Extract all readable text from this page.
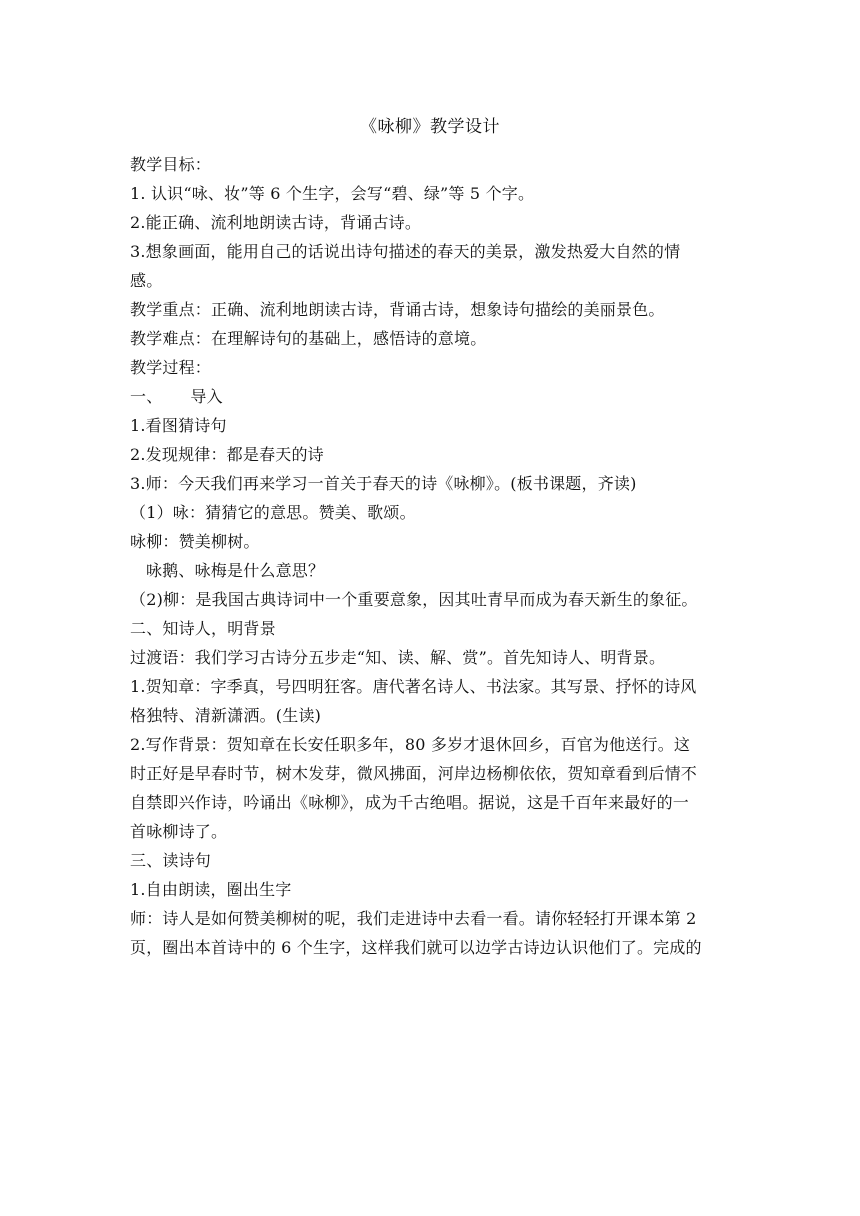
《咏柳》教学设计
教学目标：
1. 认识“咏、妆”等 6 个生字，会写“碧、绿”等 5 个字。
2.能正确、流利地朗读古诗，背诵古诗。
3.想象画面，能用自己的话说出诗句描述的春天的美景，激发热爱大自然的情
感。
教学重点：正确、流利地朗读古诗，背诵古诗，想象诗句描绘的美丽景色。
教学难点：在理解诗句的基础上，感悟诗的意境。
教学过程：
一、 导入
1.看图猜诗句
2.发现规律：都是春天的诗
3.师：今天我们再来学习一首关于春天的诗《咏柳》。(板书课题，齐读)
（1）咏：猜猜它的意思。赞美、歌颂。
咏柳：赞美柳树。
咏鹅、咏梅是什么意思？
（2)柳：是我国古典诗词中一个重要意象，因其吐青早而成为春天新生的象征。
二、知诗人，明背景
过渡语：我们学习古诗分五步走“知、读、解、赏”。首先知诗人、明背景。
1.贺知章：字季真，号四明狂客。唐代著名诗人、书法家。其写景、抒怀的诗风
格独特、清新潇洒。(生读)
2.写作背景：贺知章在长安任职多年，80 多岁才退休回乡，百官为他送行。这
时正好是早春时节，树木发芽，微风拂面，河岸边杨柳依依，贺知章看到后情不
自禁即兴作诗，吟诵出《咏柳》，成为千古绝唱。据说，这是千百年来最好的一
首咏柳诗了。
三、读诗句
1.自由朗读，圈出生字
师：诗人是如何赞美柳树的呢，我们走进诗中去看一看。请你轻轻打开课本第 2
页，圈出本首诗中的 6 个生字，这样我们就可以边学古诗边认识他们了。完成的
